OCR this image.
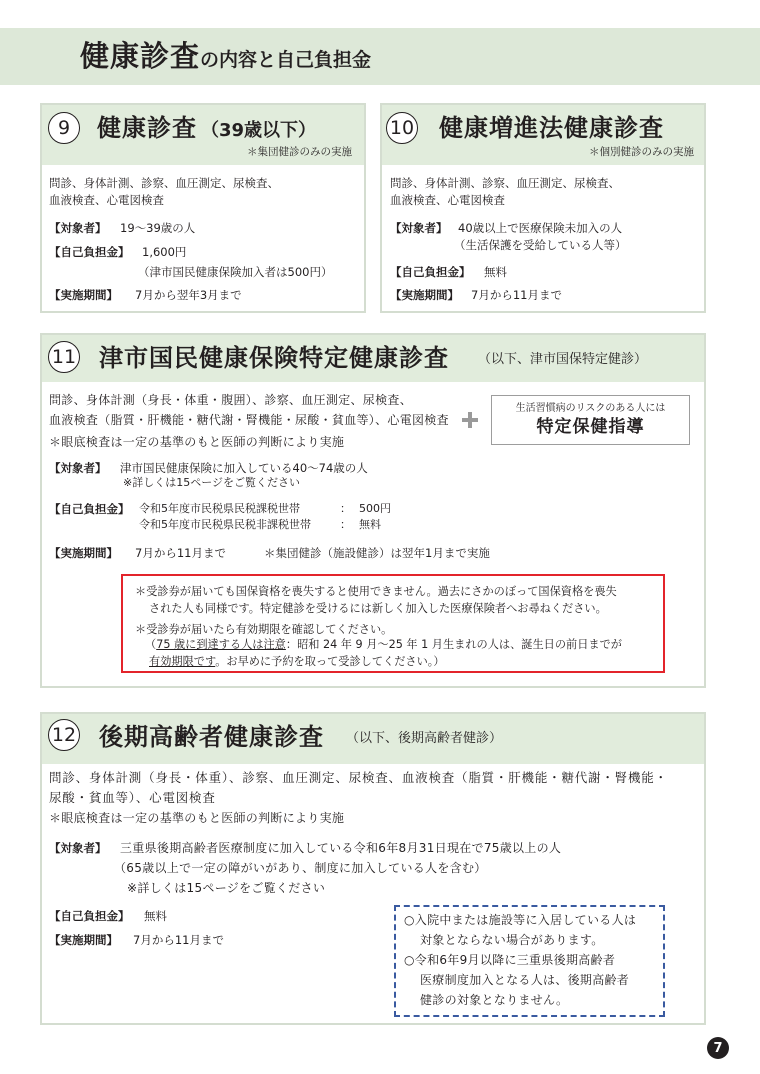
健康診査 の内容と自己負担金
9 健康診査 （39歳以下）
＊集団健診のみの実施
問診、身体計測、診察、血圧測定、尿検査、
血液検査、心電図検査
【対象者】 19～39歳の人
【自己負担金】 1,600円
（津市国民健康保険加入者は500円）
【実施期間】 7月から翌年3月まで
10 健康増進法健康診査
＊個別健診のみの実施
問診、身体計測、診察、血圧測定、尿検査、
血液検査、心電図検査
【対象者】 40歳以上で医療保険未加入の人
（生活保護を受給している人等）
【自己負担金】 無料
【実施期間】 7月から11月まで
11 津市国民健康保険特定健康診査 （以下、津市国保特定健診）
問診、身体計測（身長・体重・腹囲）、診察、血圧測定、尿検査、
血液検査（脂質・肝機能・糖代謝・腎機能・尿酸・貧血等）、心電図検査
＊眼底検査は一定の基準のもと医師の判断により実施
生活習慣病のリスクのある人には
特定保健指導
【対象者】 津市国民健康保険に加入している40～74歳の人
※詳しくは15ページをご覧ください
【自己負担金】 令和5年度市民税県民税課税世帯	： 500円
令和5年度市民税県民税非課税世帯	： 無料
【実施期間】 7月から11月まで	＊集団健診（施設健診）は翌年1月まで実施
＊受診券が届いても国保資格を喪失すると使用できません。過去にさかのぼって国保資格を喪失
された人も同様です。特定健診を受けるには新しく加入した医療保険者へお尋ねください。
＊受診券が届いたら有効期限を確認してください。
（75 歳に到達する人は注意：昭和 24 年 9 月～25 年 1 月生まれの人は、誕生日の前日までが
有効期限です。お早めに予約を取って受診してください。）
12 後期高齢者健康診査 （以下、後期高齢者健診）
問診、身体計測（身長・体重）、診察、血圧測定、尿検査、血液検査（脂質・肝機能・糖代謝・腎機能・
尿酸・貧血等）、心電図検査
＊眼底検査は一定の基準のもと医師の判断により実施
【対象者】 三重県後期高齢者医療制度に加入している令和6年8月31日現在で75歳以上の人
（65歳以上で一定の障がいがあり、制度に加入している人を含む）
※詳しくは15ページをご覧ください
【自己負担金】 無料
【実施期間】 7月から11月まで
○入院中または施設等に入居している人は
対象とならない場合があります。
○令和6年9月以降に三重県後期高齢者
医療制度加入となる人は、後期高齢者
健診の対象となりません。
7
